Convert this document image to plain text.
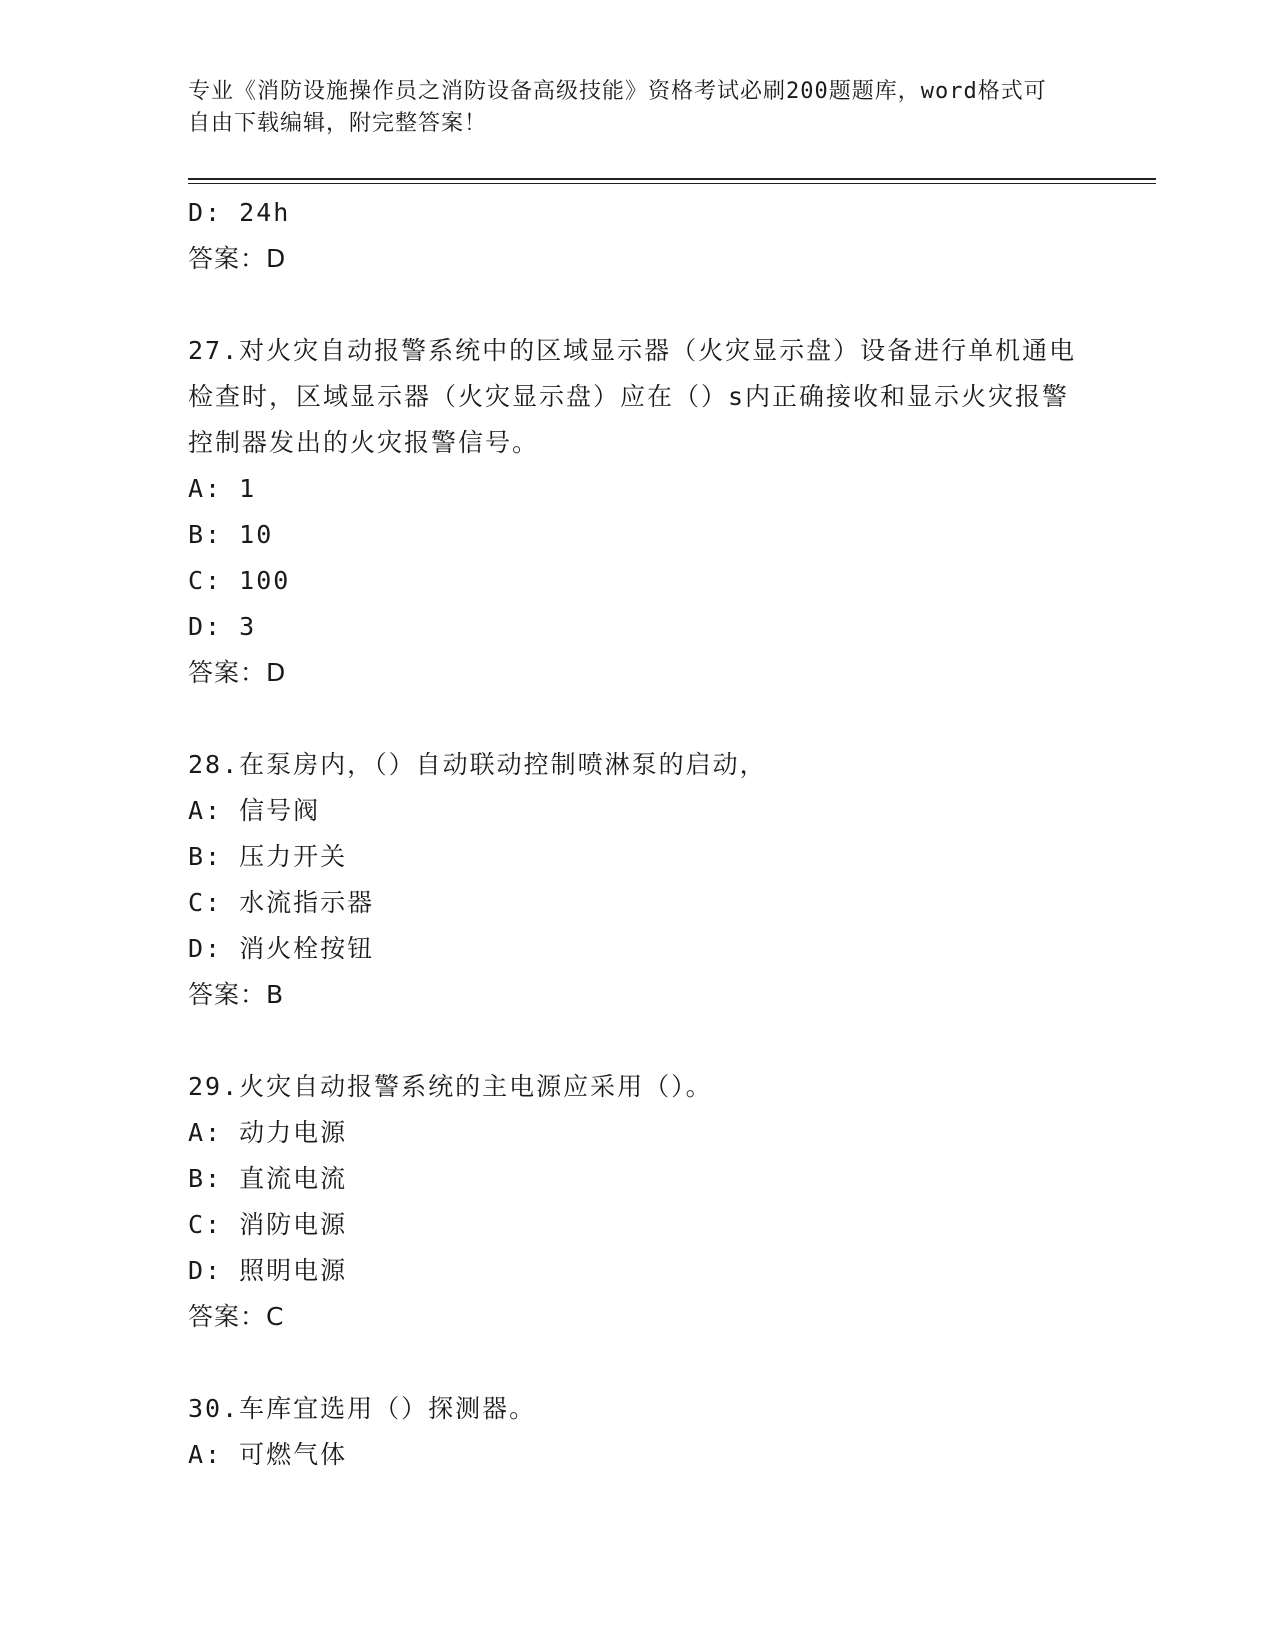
专业《消防设施操作员之消防设备高级技能》资格考试必刷200题题库，word格式可自由下载编辑，附完整答案！
D: 24h
答案：D
27.对火灾自动报警系统中的区域显示器（火灾显示盘）设备进行单机通电检查时，区域显示器（火灾显示盘）应在（）s内正确接收和显示火灾报警控制器发出的火灾报警信号。
A: 1
B: 10
C: 100
D: 3
答案：D
28.在泵房内，（）自动联动控制喷淋泵的启动，
A: 信号阀
B: 压力开关
C: 水流指示器
D: 消火栓按钮
答案：B
29.火灾自动报警系统的主电源应采用（）。
A: 动力电源
B: 直流电流
C: 消防电源
D: 照明电源
答案：C
30.车库宜选用（）探测器。
A: 可燃气体
